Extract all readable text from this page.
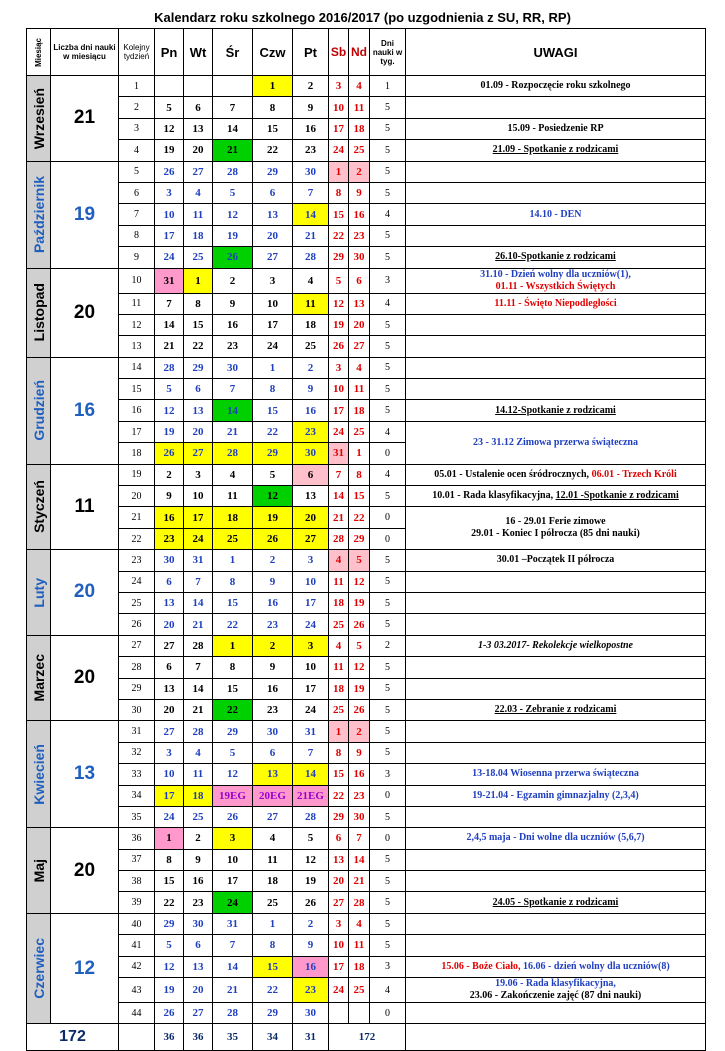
Kalendarz roku szkolnego 2016/2017 (po uzgodnienia z SU, RR, RP)
Miesiąc	Liczba dni nauki w miesiącu	Kolejny tydzień	Pn	Wt	Śr	Czw	Pt	Sb	Nd	Dni nauki w tyg.	UWAGI

Wrzesień	21	1				1	2	3	4	1	01.09 - Rozpoczęcie roku szkolnego
		2	5	6	7	8	9	10	11	5	
		3	12	13	14	15	16	17	18	5	15.09 - Posiedzenie RP
		4	19	20	21	22	23	24	25	5	21.09 - Spotkanie z rodzicami

Październik	19	5	26	27	28	29	30	1	2	5	
		6	3	4	5	6	7	8	9	5	
		7	10	11	12	13	14	15	16	4	14.10 - DEN
		8	17	18	19	20	21	22	23	5	
		9	24	25	26	27	28	29	30	5	26.10-Spotkanie z rodzicami

Listopad	20	10	31	1	2	3	4	5	6	3	31.10 - Dzień wolny dla uczniów(1),
01.11 - Wszystkich Świętych
		11	7	8	9	10	11	12	13	4	11.11 - Święto Niepodległości
		12	14	15	16	17	18	19	20	5	
		13	21	22	23	24	25	26	27	5	

Grudzień	16	14	28	29	30	1	2	3	4	5	
		15	5	6	7	8	9	10	11	5	
		16	12	13	14	15	16	17	18	5	14.12-Spotkanie z rodzicami
		17	19	20	21	22	23	24	25	4	23 - 31.12 Zimowa przerwa świąteczna
		18	26	27	28	29	30	31	1	0	

Styczeń	11	19	2	3	4	5	6	7	8	4	05.01 - Ustalenie ocen śródrocznych, 06.01 - Trzech Króli
		20	9	10	11	12	13	14	15	5	10.01 - Rada klasyfikacyjna, 12.01 -Spotkanie z rodzicami
		21	16	17	18	19	20	21	22	0	16 - 29.01 Ferie zimowe
29.01 - Koniec I półrocza (85 dni nauki)
		22	23	24	25	26	27	28	29	0	

Luty	20	23	30	31	1	2	3	4	5	5	30.01 –Początek II półrocza
		24	6	7	8	9	10	11	12	5	
		25	13	14	15	16	17	18	19	5	
		26	20	21	22	23	24	25	26	5	

Marzec	20	27	27	28	1	2	3	4	5	2	1-3 03.2017- Rekolekcje wielkopostne
		28	6	7	8	9	10	11	12	5	
		29	13	14	15	16	17	18	19	5	
		30	20	21	22	23	24	25	26	5	22.03 - Zebranie z rodzicami

Kwiecień	13	31	27	28	29	30	31	1	2	5	
		32	3	4	5	6	7	8	9	5	
		33	10	11	12	13	14	15	16	3	13-18.04 Wiosenna przerwa świąteczna
		34	17	18	19EG	20EG	21EG	22	23	0	19-21.04 - Egzamin gimnazjalny (2,3,4)
		35	24	25	26	27	28	29	30	5	

Maj	20	36	1	2	3	4	5	6	7	0	2,4,5 maja - Dni wolne dla uczniów (5,6,7)
		37	8	9	10	11	12	13	14	5	
		38	15	16	17	18	19	20	21	5	
		39	22	23	24	25	26	27	28	5	24.05 - Spotkanie z rodzicami

Czerwiec	12	40	29	30	31	1	2	3	4	5	
		41	5	6	7	8	9	10	11	5	
		42	12	13	14	15	16	17	18	3	15.06 - Boże Ciało, 16.06 - dzień wolny dla uczniów(8)
		43	19	20	21	22	23	24	25	4	19.06 - Rada klasyfikacyjna,
23.06 - Zakończenie zajęć (87 dni nauki)
		44	26	27	28	29	30			0	
172			36	36	35	34	31	172			
